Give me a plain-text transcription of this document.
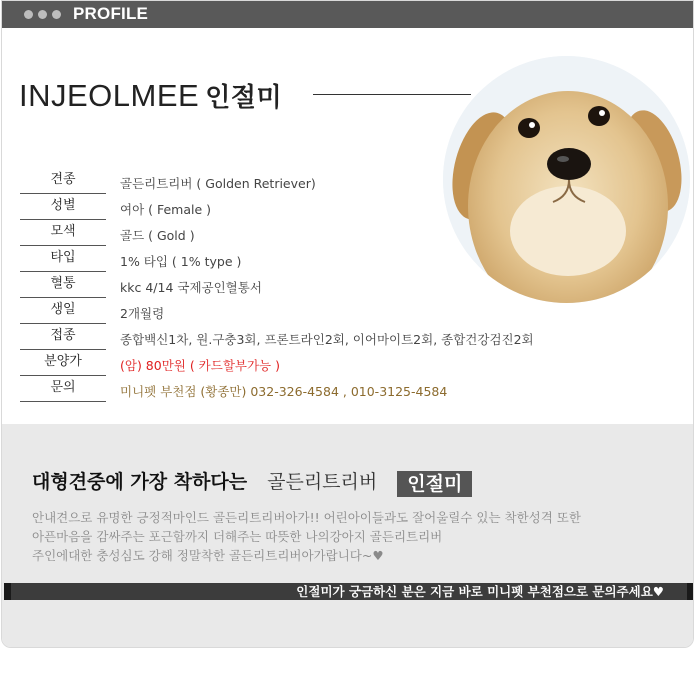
PROFILE
INJEOLMEE 인절미
견종	골든리트리버 ( Golden Retriever)
성별	여아 ( Female )
모색	골드 ( Gold )
타입	1% 타입 ( 1% type )
혈통	kkc 4/14 국제공인혈통서
생일	2개월령
접종	종합백신1차, 원.구충3회, 프론트라인2회, 이어마이트2회, 종합건강검진2회
분양가	(암) 80만원 ( 카드할부가능 )
문의	미니펫 부천점 (황종만) 032-326-4584 , 010-3125-4584
대형견중에 가장 착하다는 골든리트리버 인절미
안내견으로 유명한 긍정적마인드 골든리트리버아가!! 어린아이들과도 잘어울릴수 있는 착한성격 또한
아픈마음을 감싸주는 포근함까지 더해주는 따뜻한 나의강아지 골든리트리버
주인에대한 충성심도 강해 정말착한 골든리트리버아가랍니다~♥
인절미가 궁금하신 분은 지금 바로 미니펫 부천점으로 문의주세요♥
